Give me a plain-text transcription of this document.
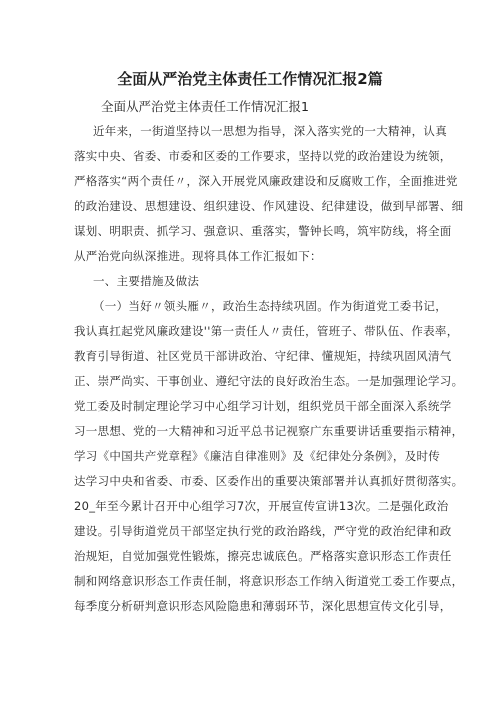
全面从严治党主体责任工作情况汇报2篇
全面从严治党主体责任工作情况汇报1
近年来，一街道坚持以一思想为指导，深入落实党的一大精神，认真
落实中央、省委、市委和区委的工作要求，坚持以党的政治建设为统领，
严格落实“两个责任〃，深入开展党风廉政建设和反腐败工作，全面推进党
的政治建设、思想建设、组织建设、作风建设、纪律建设，做到早部署、细
谋划、明职责、抓学习、强意识、重落实，警钟长鸣，筑牢防线，将全面
从严治党向纵深推进。现将具体工作汇报如下：
一、主要措施及做法
（一）当好〃领头雁〃，政治生态持续巩固。作为街道党工委书记，
我认真扛起党风廉政建设''第一责任人〃责任，管班子、带队伍、作表率，
教育引导街道、社区党员干部讲政治、守纪律、懂规矩，持续巩固风清气
正、崇严尚实、干事创业、遵纪守法的良好政治生态。一是加强理论学习。
党工委及时制定理论学习中心组学习计划，组织党员干部全面深入系统学
习一思想、党的一大精神和习近平总书记视察广东重要讲话重要指示精神，
学习《中国共产党章程》《廉洁自律准则》及《纪律处分条例》，及时传
达学习中央和省委、市委、区委作出的重要决策部署并认真抓好贯彻落实。
20_年至今累计召开中心组学习7次，开展宣传宣讲13次。二是强化政治
建设。引导街道党员干部坚定执行党的政治路线，严守党的政治纪律和政
治规矩，自觉加强党性锻炼，擦亮忠诚底色。严格落实意识形态工作责任
制和网络意识形态工作责任制，将意识形态工作纳入街道党工委工作要点，
每季度分析研判意识形态风险隐患和薄弱环节，深化思想宣传文化引导，
